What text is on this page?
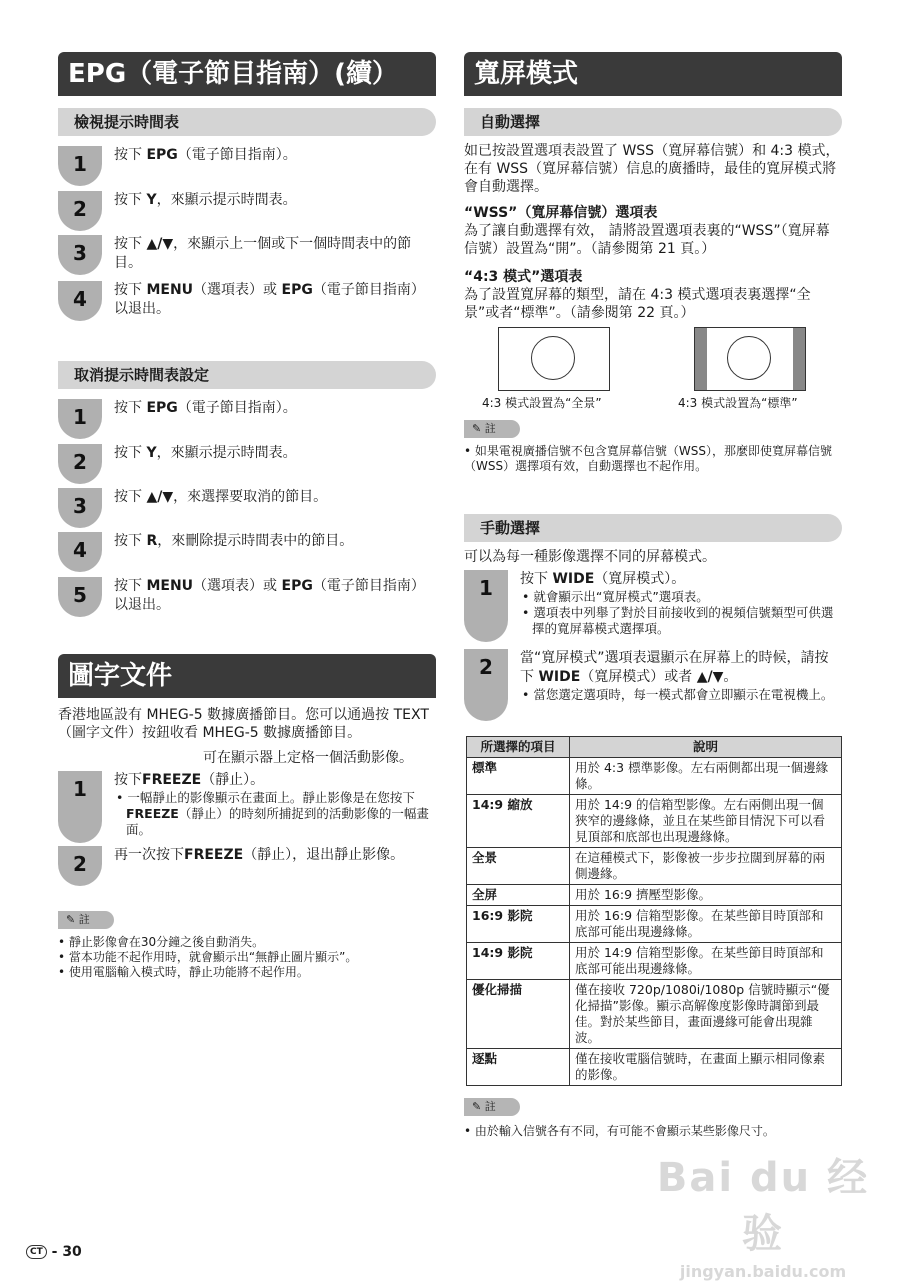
EPG（電子節目指南）(續）
檢視提示時間表
1	按下 EPG（電子節目指南）。
2	按下 Y，來顯示提示時間表。
3	按下 ▲/▼，來顯示上一個或下一個時間表中的節目。
4	按下 MENU（選項表）或 EPG（電子節目指南）以退出。
取消提示時間表設定
1	按下 EPG（電子節目指南）。
2	按下 Y，來顯示提示時間表。
3	按下 ▲/▼，來選擇要取消的節目。
4	按下 R，來刪除提示時間表中的節目。
5	按下 MENU（選項表）或 EPG（電子節目指南）以退出。
圖字文件
香港地區設有 MHEG-5 數據廣播節目。您可以通過按 TEXT（圖字文件）按鈕收看 MHEG-5 數據廣播節目。
可在顯示器上定格一個活動影像。
1	按下FREEZE（靜止）。
• 一幅靜止的影像顯示在畫面上。靜止影像是在您按下FREEZE（靜止）的時刻所捕捉到的活動影像的一幅畫面。
2	再一次按下FREEZE（靜止），退出靜止影像。
✎ 註
• 靜止影像會在30分鐘之後自動消失。
• 當本功能不起作用時，就會顯示出“無靜止圖片顯示”。
• 使用電腦輸入模式時，靜止功能將不起作用。
寬屏模式
自動選擇
如已按設置選項表設置了 WSS（寬屏幕信號）和 4:3 模式，在有 WSS（寬屏幕信號）信息的廣播時，最佳的寬屏模式將會自動選擇。
“WSS”（寬屏幕信號）選項表
為了讓自動選擇有效， 請將設置選項表裏的“WSS”（寬屏幕信號）設置為“開”。（請參閱第 21 頁。）
“4:3 模式”選項表
為了設置寬屏幕的類型，請在 4:3 模式選項表裏選擇“全景”或者“標準”。（請參閱第 22 頁。）
4:3 模式設置為“全景”	4:3 模式設置為“標準”
✎ 註
• 如果電視廣播信號不包含寬屏幕信號（WSS），那麼即使寬屏幕信號（WSS）選擇項有效，自動選擇也不起作用。
手動選擇
可以為每一種影像選擇不同的屏幕模式。
1	按下 WIDE（寬屏模式）。
• 就會顯示出“寬屏模式”選項表。
• 選項表中列舉了對於目前接收到的視頻信號類型可供選擇的寬屏幕模式選擇項。
2	當“寬屏模式”選項表還顯示在屏幕上的時候，請按下 WIDE（寬屏模式）或者 ▲/▼。
• 當您選定選項時，每一模式都會立即顯示在電視機上。
所選擇的項目	說明
標準	用於 4:3 標準影像。左右兩側都出現一個邊緣條。
14:9 縮放	用於 14:9 的信箱型影像。左右兩側出現一個狹窄的邊緣條，並且在某些節目情況下可以看見頂部和底部也出現邊緣條。
全景	在這種模式下，影像被一步步拉闊到屏幕的兩側邊緣。
全屏	用於 16:9 擠壓型影像。
16:9 影院	用於 16:9 信箱型影像。在某些節目時頂部和底部可能出現邊緣條。
14:9 影院	用於 14:9 信箱型影像。在某些節目時頂部和底部可能出現邊緣條。
優化掃描	僅在接收 720p/1080i/1080p 信號時顯示“優化掃描”影像。顯示高解像度影像時調節到最佳。對於某些節目，畫面邊緣可能會出現雜波。
逐點	僅在接收電腦信號時，在畫面上顯示相同像素的影像。
✎ 註
• 由於輸入信號各有不同，有可能不會顯示某些影像尺寸。
Bai du 经验
jingyan.baidu.com
CT - 30
